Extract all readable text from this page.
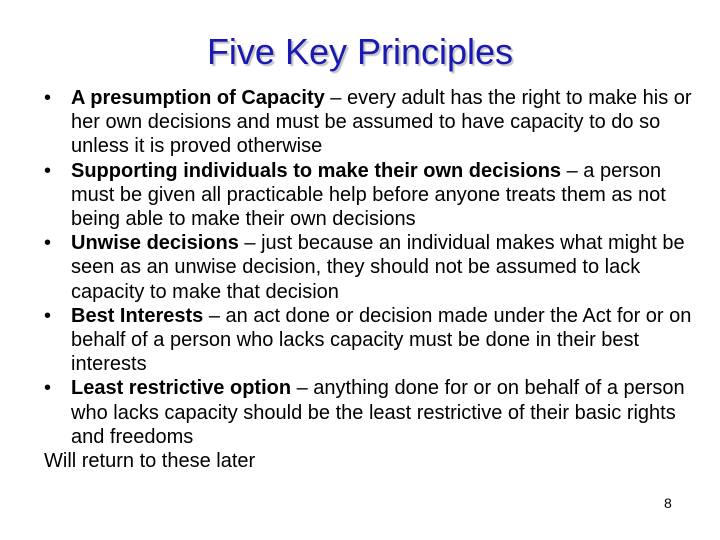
Five Key Principles
• A presumption of Capacity – every adult has the right to make his or her own decisions and must be assumed to have capacity to do so unless it is proved otherwise
• Supporting individuals to make their own decisions – a person must be given all practicable help before anyone treats them as not being able to make their own decisions
• Unwise decisions – just because an individual makes what might be seen as an unwise decision, they should not be assumed to lack capacity to make that decision
• Best Interests – an act done or decision made under the Act for or on behalf of a person who lacks capacity must be done in their best interests
• Least restrictive option – anything done for or on behalf of a person who lacks capacity should be the least restrictive of their basic rights and freedoms
Will return to these later
8
